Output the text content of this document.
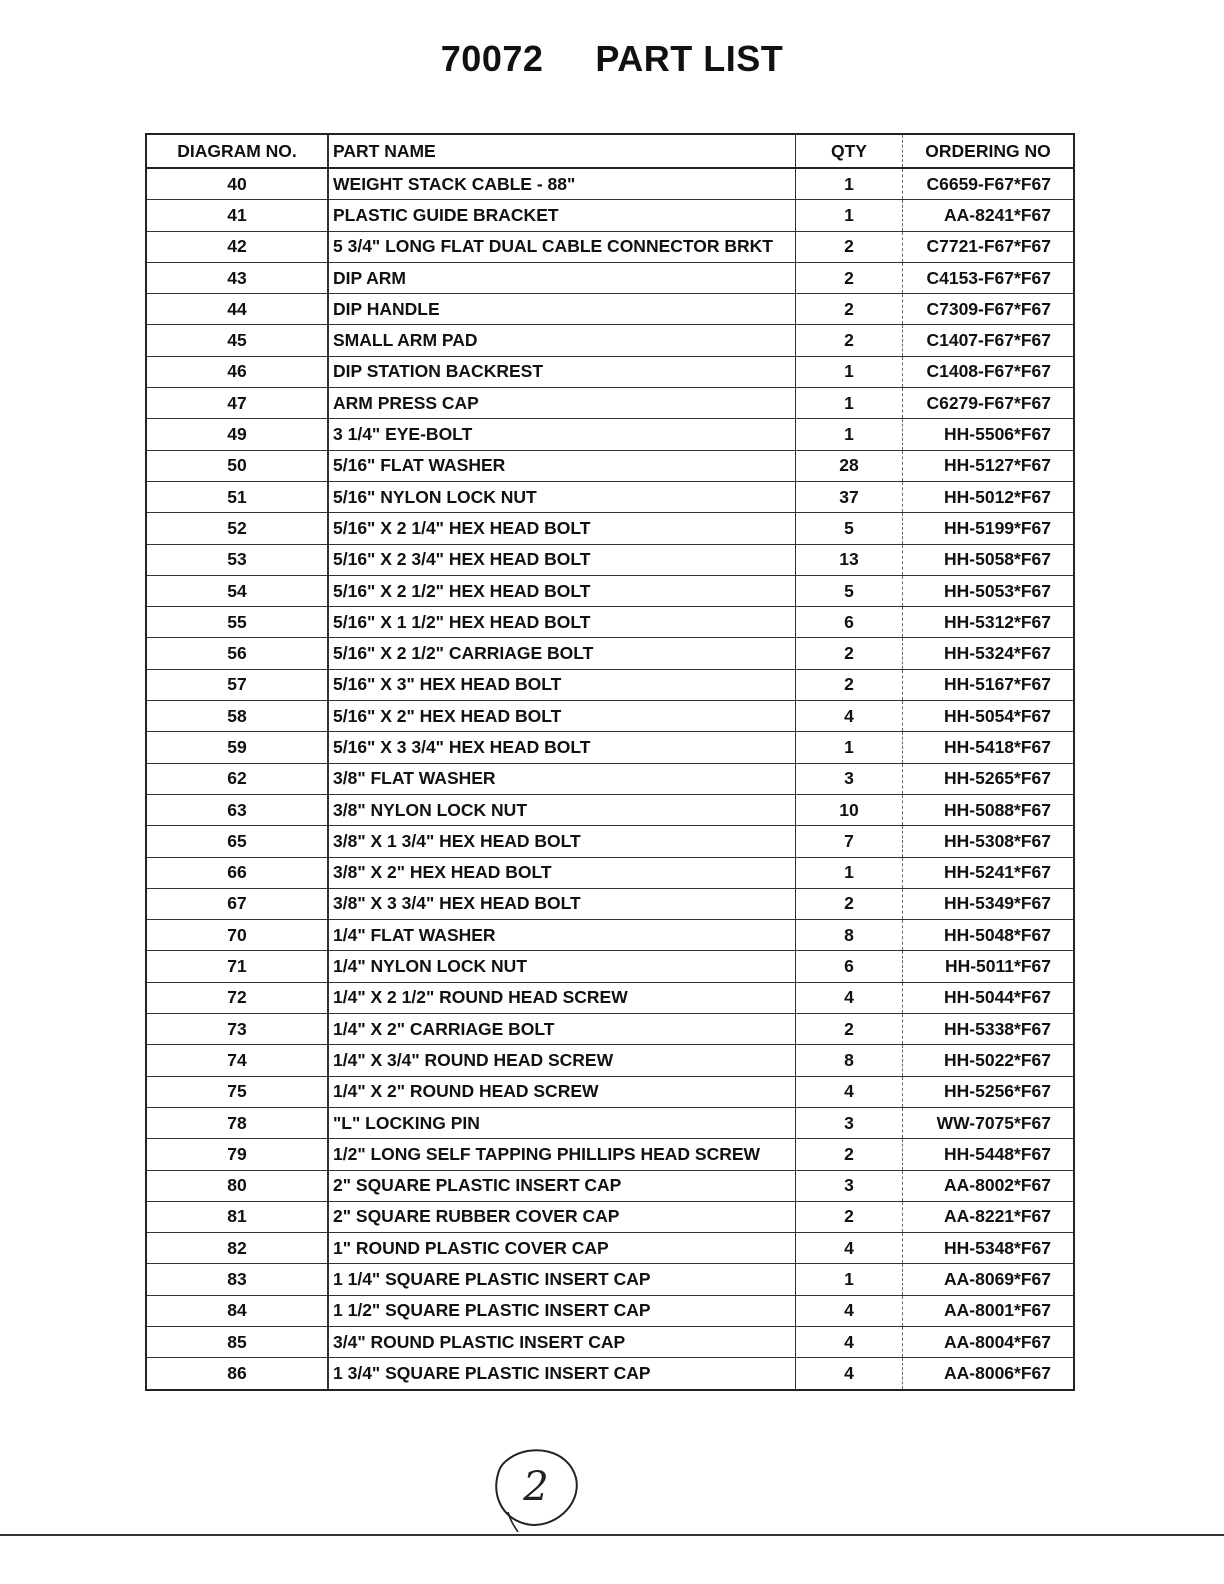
70072 PART LIST
DIAGRAM NO.	PART NAME	QTY	ORDERING NO
40	WEIGHT STACK CABLE - 88"	1	C6659-F67*F67
41	PLASTIC GUIDE BRACKET	1	AA-8241*F67
42	5 3/4" LONG FLAT DUAL CABLE CONNECTOR BRKT	2	C7721-F67*F67
43	DIP ARM	2	C4153-F67*F67
44	DIP HANDLE	2	C7309-F67*F67
45	SMALL ARM PAD	2	C1407-F67*F67
46	DIP STATION BACKREST	1	C1408-F67*F67
47	ARM PRESS CAP	1	C6279-F67*F67
49	3 1/4" EYE-BOLT	1	HH-5506*F67
50	5/16" FLAT WASHER	28	HH-5127*F67
51	5/16" NYLON LOCK NUT	37	HH-5012*F67
52	5/16" X 2 1/4" HEX HEAD BOLT	5	HH-5199*F67
53	5/16" X 2 3/4" HEX HEAD BOLT	13	HH-5058*F67
54	5/16" X 2 1/2" HEX HEAD BOLT	5	HH-5053*F67
55	5/16" X 1 1/2" HEX HEAD BOLT	6	HH-5312*F67
56	5/16" X 2 1/2" CARRIAGE BOLT	2	HH-5324*F67
57	5/16" X 3" HEX HEAD BOLT	2	HH-5167*F67
58	5/16" X 2" HEX HEAD BOLT	4	HH-5054*F67
59	5/16" X 3 3/4" HEX HEAD BOLT	1	HH-5418*F67
62	3/8" FLAT WASHER	3	HH-5265*F67
63	3/8" NYLON LOCK NUT	10	HH-5088*F67
65	3/8" X 1 3/4" HEX HEAD BOLT	7	HH-5308*F67
66	3/8" X 2" HEX HEAD BOLT	1	HH-5241*F67
67	3/8" X 3 3/4" HEX HEAD BOLT	2	HH-5349*F67
70	1/4" FLAT WASHER	8	HH-5048*F67
71	1/4" NYLON LOCK NUT	6	HH-5011*F67
72	1/4" X 2 1/2" ROUND HEAD SCREW	4	HH-5044*F67
73	1/4" X 2" CARRIAGE BOLT	2	HH-5338*F67
74	1/4" X 3/4" ROUND HEAD SCREW	8	HH-5022*F67
75	1/4" X 2" ROUND HEAD SCREW	4	HH-5256*F67
78	"L" LOCKING PIN	3	WW-7075*F67
79	1/2" LONG SELF TAPPING PHILLIPS HEAD SCREW	2	HH-5448*F67
80	2" SQUARE PLASTIC INSERT CAP	3	AA-8002*F67
81	2" SQUARE RUBBER COVER CAP	2	AA-8221*F67
82	1" ROUND PLASTIC COVER CAP	4	HH-5348*F67
83	1 1/4" SQUARE PLASTIC INSERT CAP	1	AA-8069*F67
84	1 1/2" SQUARE PLASTIC INSERT CAP	4	AA-8001*F67
85	3/4" ROUND PLASTIC INSERT CAP	4	AA-8004*F67
86	1 3/4" SQUARE PLASTIC INSERT CAP	4	AA-8006*F67
2
